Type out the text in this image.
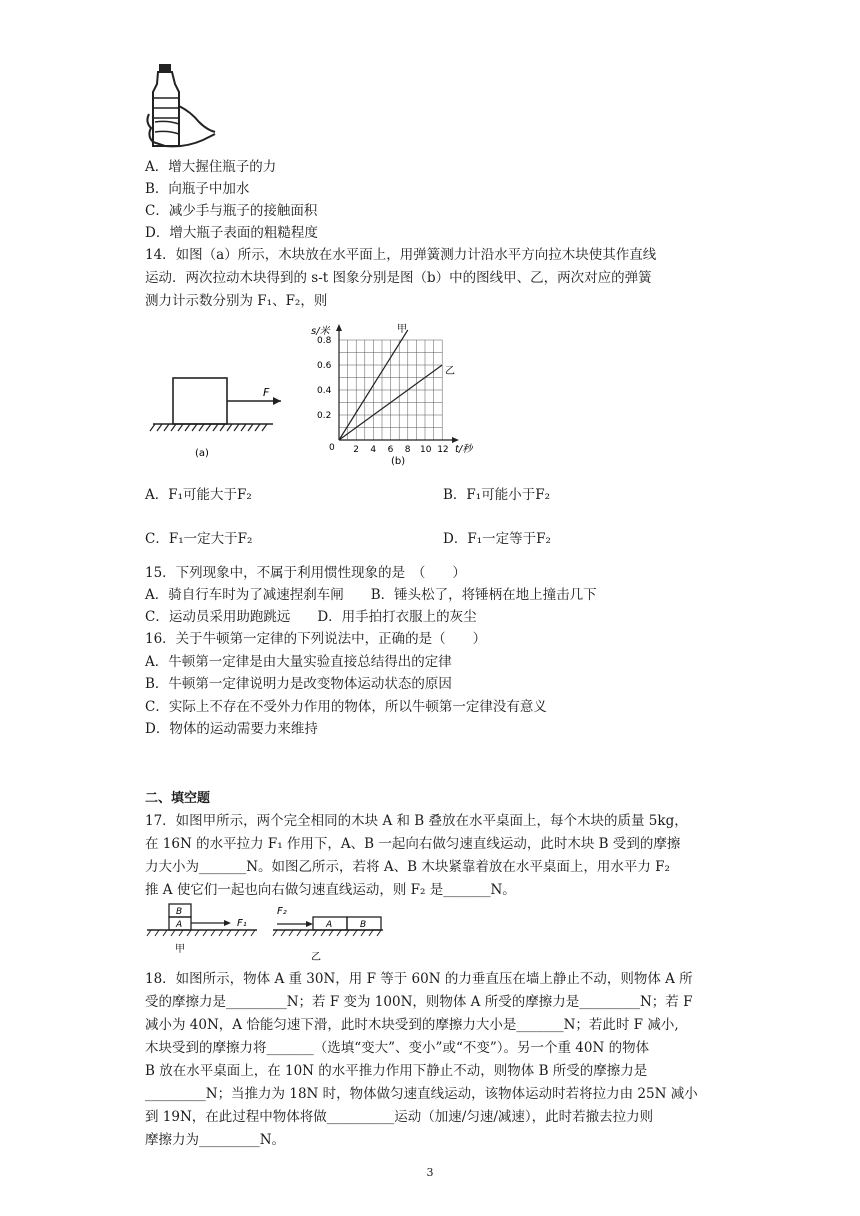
A．增大握住瓶子的力
B．向瓶子中加水
C．减少手与瓶子的接触面积
D．增大瓶子表面的粗糙程度
14．如图（a）所示，木块放在水平面上，用弹簧测力计沿水平方向拉木块使其作直线
运动．两次拉动木块得到的 s-t 图象分别是图（b）中的图线甲、乙，两次对应的弹簧
测力计示数分别为 F₁、F₂，则
F
(a)
s/米
t/秒
0
0.2
0.4
0.6
0.8
2 4 6 8 10 12
甲
乙
(b)
A．F₁可能大于F₂	B．F₁可能小于F₂
C．F₁一定大于F₂	D．F₁一定等于F₂
15．下列现象中，不属于利用惯性现象的是　（　　）
A．骑自行车时为了减速捏刹车闸　　B．锤头松了，将锤柄在地上撞击几下
C．运动员采用助跑跳远　　D．用手拍打衣服上的灰尘
16．关于牛顿第一定律的下列说法中，正确的是（　　）
A．牛顿第一定律是由大量实验直接总结得出的定律
B．牛顿第一定律说明力是改变物体运动状态的原因
C．实际上不存在不受外力作用的物体，所以牛顿第一定律没有意义
D．物体的运动需要力来维持
二、填空题
17．如图甲所示，两个完全相同的木块 A 和 B 叠放在水平桌面上，每个木块的质量 5kg，
在 16N 的水平拉力 F₁ 作用下，A、B 一起向右做匀速直线运动，此时木块 B 受到的摩擦
力大小为_______N。如图乙所示，若将 A、B 木块紧靠着放在水平桌面上，用水平力 F₂
推 A 使它们一起也向右做匀速直线运动，则 F₂ 是_______N。
B
A	F₁
甲
F₂
A	B
乙
18．如图所示，物体 A 重 30N，用 F 等于 60N 的力垂直压在墙上静止不动，则物体 A 所
受的摩擦力是_________N；若 F 变为 100N，则物体 A 所受的摩擦力是_________N；若 F
减小为 40N，A 恰能匀速下滑，此时木块受到的摩擦力大小是_______N；若此时 F 减小,
木块受到的摩擦力将_______（选填“变大”、变小”或“不变”）。另一个重 40N 的物体
B 放在水平桌面上，在 10N 的水平推力作用下静止不动，则物体 B 所受的摩擦力是
_________N；当推力为 18N 时，物体做匀速直线运动，该物体运动时若将拉力由 25N 减小
到 19N，在此过程中物体将做__________运动（加速/匀速/减速），此时若撤去拉力则
摩擦力为_________N。
3
